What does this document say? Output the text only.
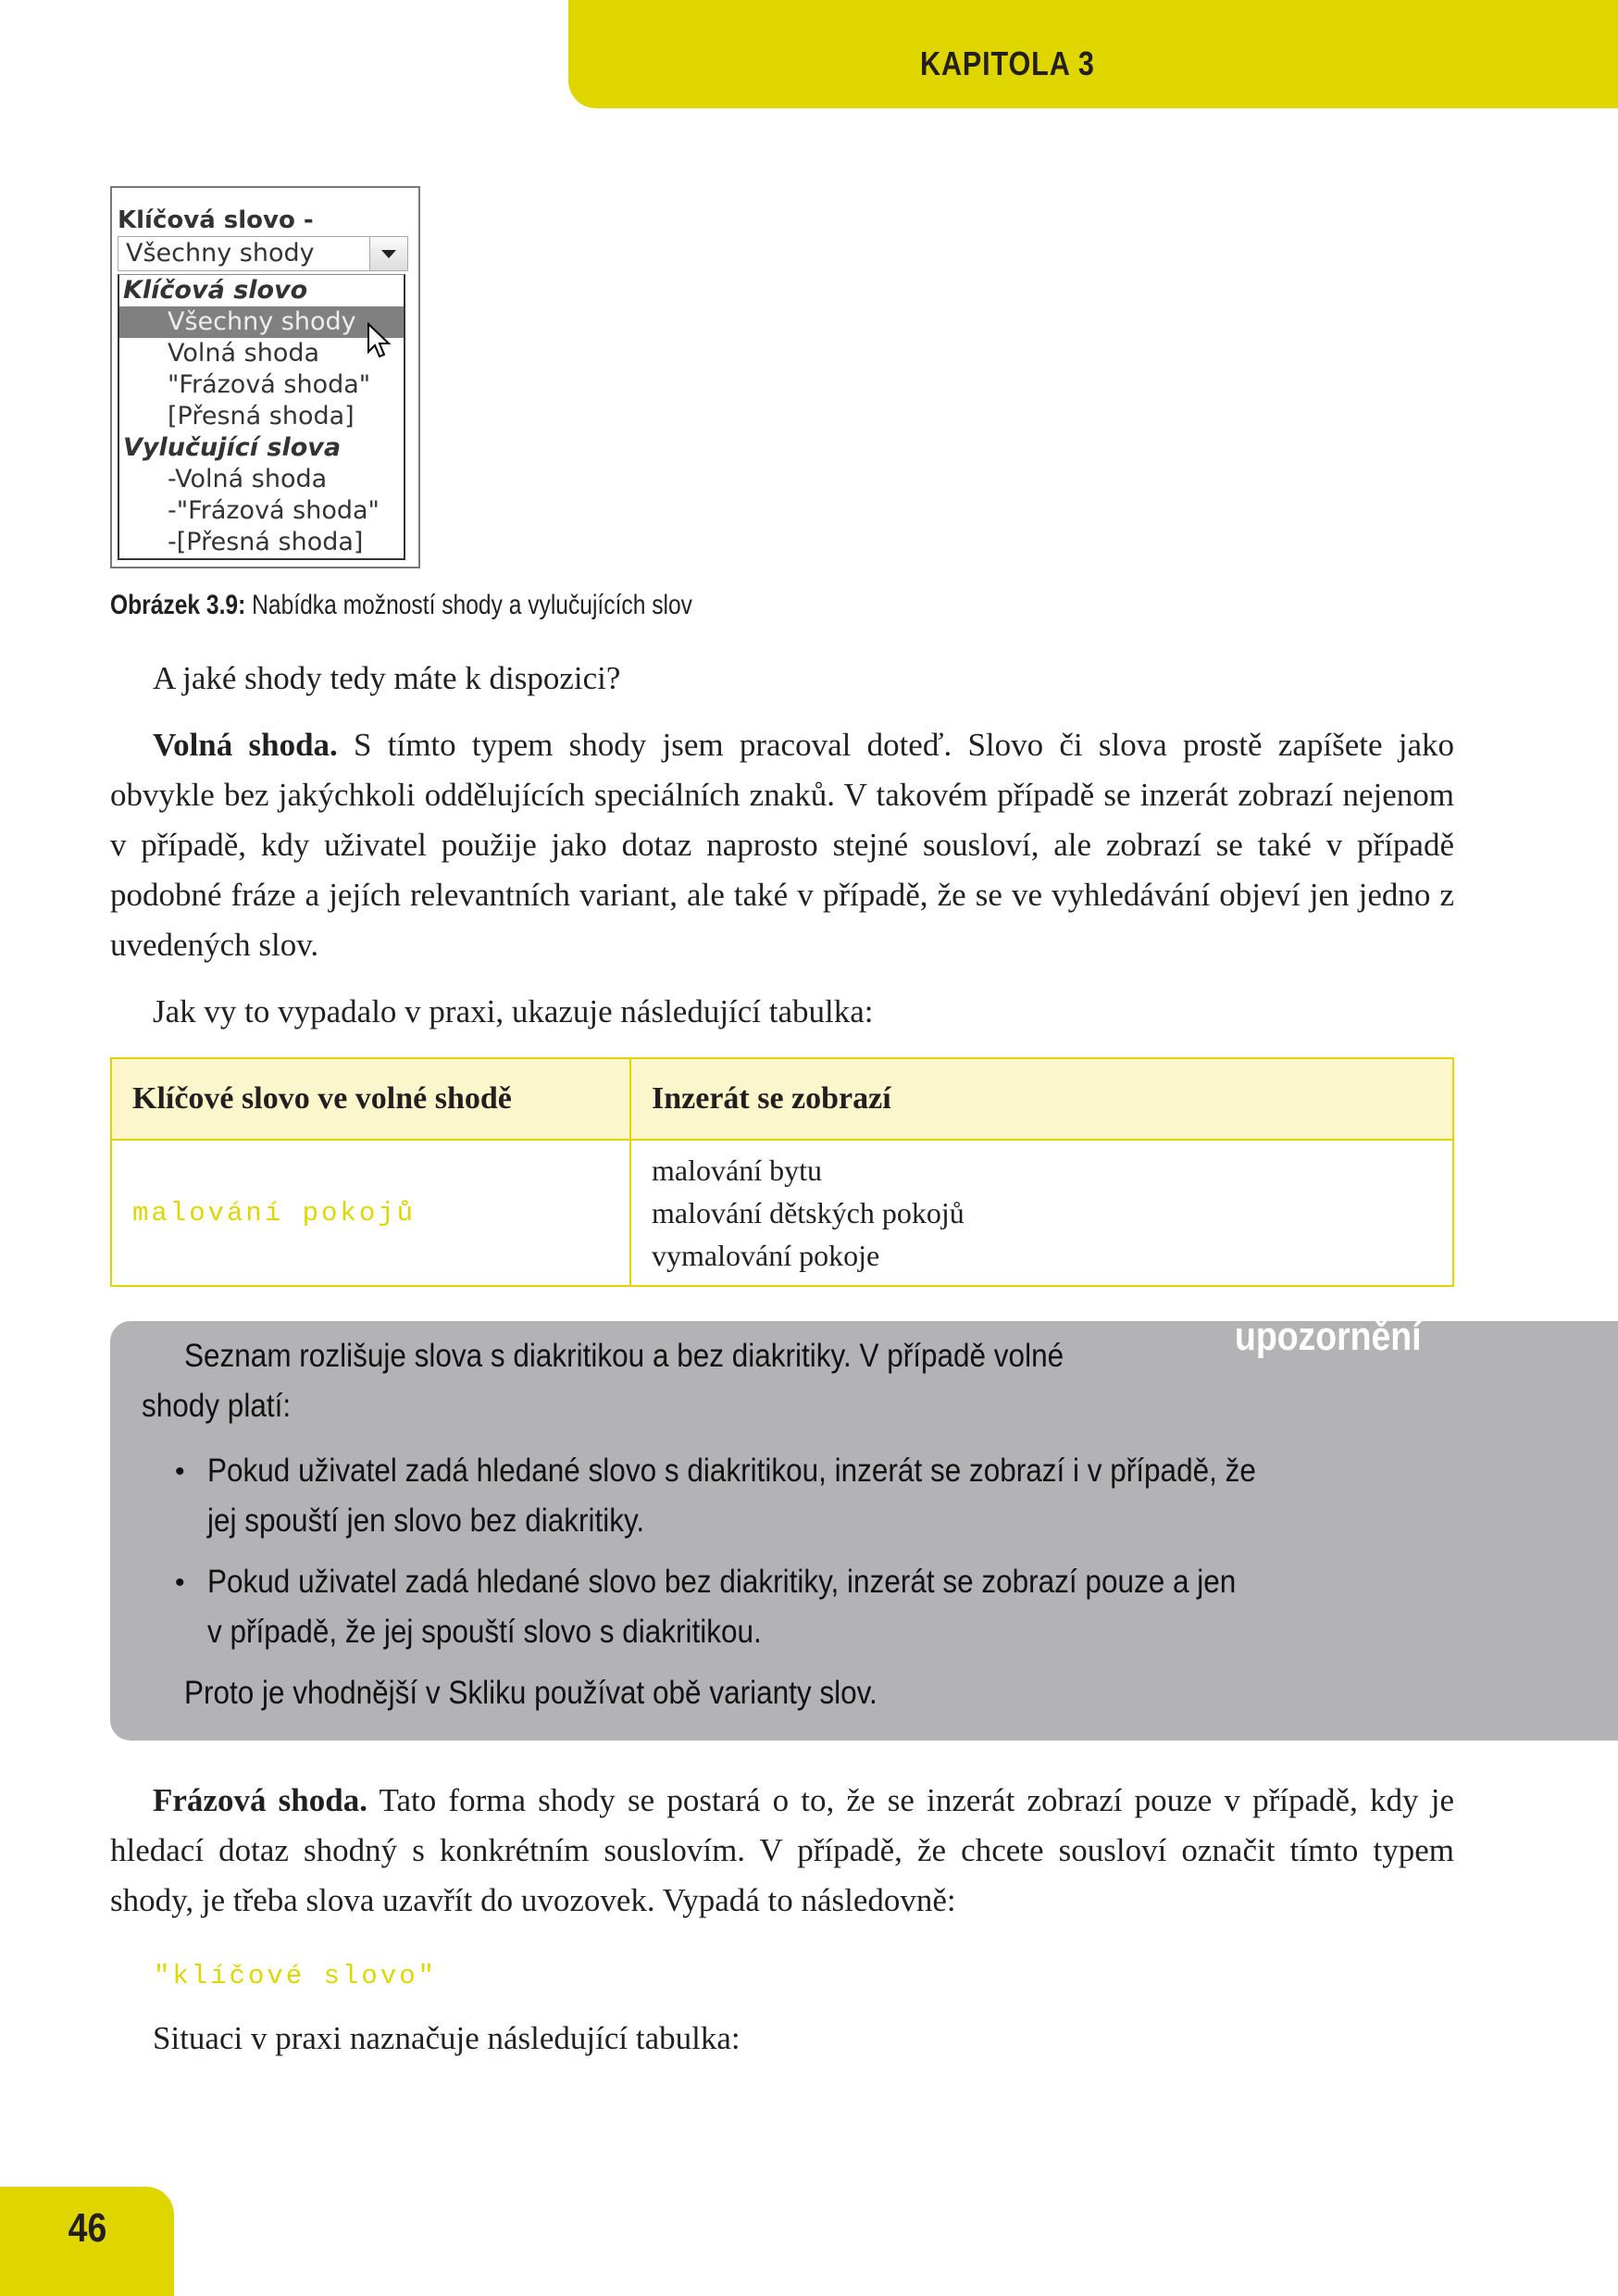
KAPITOLA 3
Klíčová slovo -
Všechny shody
Klíčová slovo
Všechny shody
Volná shoda
"Frázová shoda"
[Přesná shoda]
Vylučující slova
-Volná shoda
-"Frázová shoda"
-[Přesná shoda]
Obrázek 3.9: Nabídka možností shody a vylučujících slov
A jaké shody tedy máte k dispozici?
Volná shoda. S tímto typem shody jsem pracoval doteď. Slovo či slova prostě zapíšete jako obvykle bez jakýchkoli oddělujících speciálních znaků. V takovém případě se inzerát zobrazí nejenom v případě, kdy uživatel použije jako dotaz naprosto stejné sousloví, ale zobrazí se také v případě podobné fráze a jejích relevantních variant, ale také v případě, že se ve vyhledávání objeví jen jedno z uvedených slov.
Jak vy to vypadalo v praxi, ukazuje následující tabulka:
Klíčové slovo ve volné shodě	Inzerát se zobrazí
malování pokojů	malování bytu
malování dětských pokojů
vymalování pokoje
upozornění
Seznam rozlišuje slova s diakritikou a bez diakritiky. V případě volné
shody platí:
• Pokud uživatel zadá hledané slovo s diakritikou, inzerát se zobrazí i v případě, že
jej spouští jen slovo bez diakritiky.
• Pokud uživatel zadá hledané slovo bez diakritiky, inzerát se zobrazí pouze a jen
v případě, že jej spouští slovo s diakritikou.
Proto je vhodnější v Skliku používat obě varianty slov.
Frázová shoda. Tato forma shody se postará o to, že se inzerát zobrazí pouze v případě, kdy je hledací dotaz shodný s konkrétním souslovím. V případě, že chcete sousloví označit tímto typem shody, je třeba slova uzavřít do uvozovek. Vypadá to následovně:
"klíčové slovo"
Situaci v praxi naznačuje následující tabulka:
46
